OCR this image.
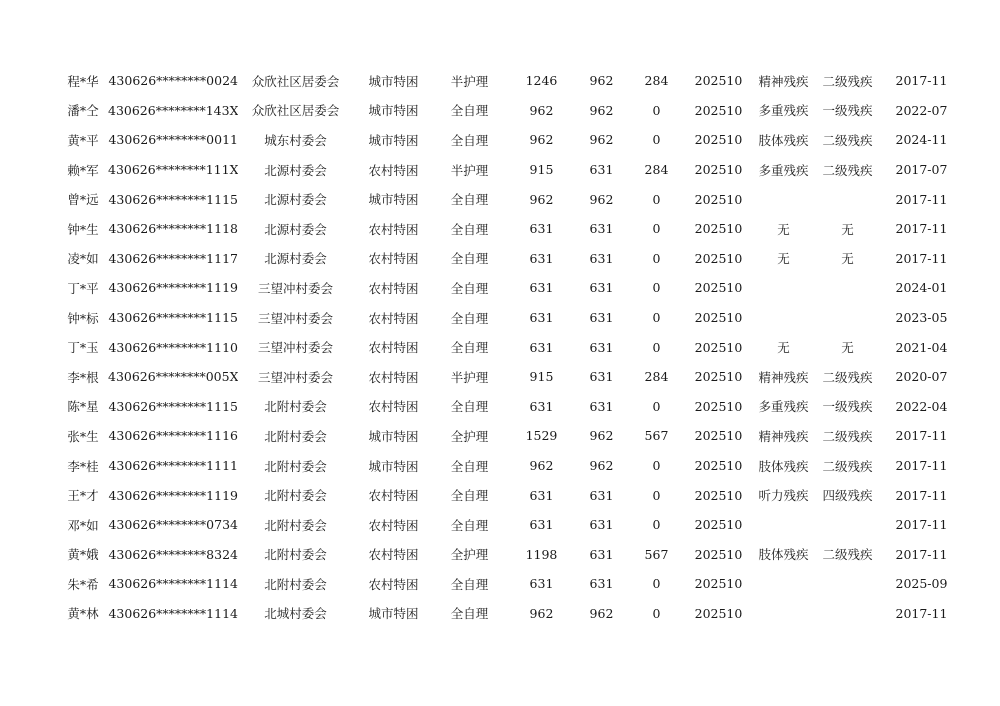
程*华	430626********0024	众欣社区居委会	城市特困	半护理	1246	962	284	202510	精神残疾	二级残疾	2017-11
潘*仝	430626********143X	众欣社区居委会	城市特困	全自理	962	962	0	202510	多重残疾	一级残疾	2022-07
黄*平	430626********0011	城东村委会	城市特困	全自理	962	962	0	202510	肢体残疾	二级残疾	2024-11
赖*军	430626********111X	北源村委会	农村特困	半护理	915	631	284	202510	多重残疾	二级残疾	2017-07
曾*远	430626********1115	北源村委会	城市特困	全自理	962	962	0	202510			2017-11
钟*生	430626********1118	北源村委会	农村特困	全自理	631	631	0	202510	无	无	2017-11
凌*如	430626********1117	北源村委会	农村特困	全自理	631	631	0	202510	无	无	2017-11
丁*平	430626********1119	三望冲村委会	农村特困	全自理	631	631	0	202510			2024-01
钟*标	430626********1115	三望冲村委会	农村特困	全自理	631	631	0	202510			2023-05
丁*玉	430626********1110	三望冲村委会	农村特困	全自理	631	631	0	202510	无	无	2021-04
李*根	430626********005X	三望冲村委会	农村特困	半护理	915	631	284	202510	精神残疾	二级残疾	2020-07
陈*星	430626********1115	北附村委会	农村特困	全自理	631	631	0	202510	多重残疾	一级残疾	2022-04
张*生	430626********1116	北附村委会	城市特困	全护理	1529	962	567	202510	精神残疾	二级残疾	2017-11
李*桂	430626********1111	北附村委会	城市特困	全自理	962	962	0	202510	肢体残疾	二级残疾	2017-11
王*才	430626********1119	北附村委会	农村特困	全自理	631	631	0	202510	听力残疾	四级残疾	2017-11
邓*如	430626********0734	北附村委会	农村特困	全自理	631	631	0	202510			2017-11
黄*娥	430626********8324	北附村委会	农村特困	全护理	1198	631	567	202510	肢体残疾	二级残疾	2017-11
朱*希	430626********1114	北附村委会	农村特困	全自理	631	631	0	202510			2025-09
黄*林	430626********1114	北城村委会	城市特困	全自理	962	962	0	202510			2017-11
